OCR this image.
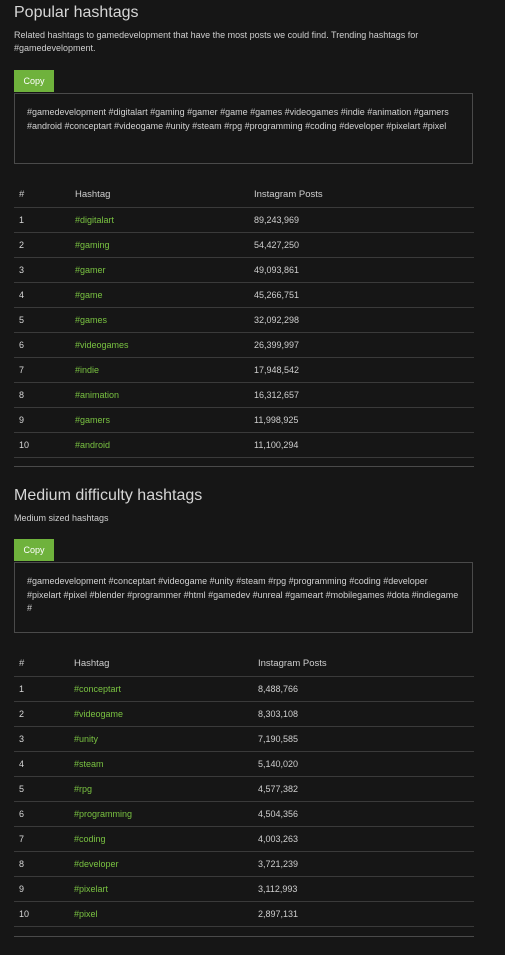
Popular hashtags
Related hashtags to gamedevelopment that have the most posts we could find. Trending hashtags for #gamedevelopment.
Copy
#gamedevelopment #digitalart #gaming #gamer #game #games #videogames #indie #animation #gamers #android #conceptart #videogame #unity #steam #rpg #programming #coding #developer #pixelart #pixel
#	Hashtag	Instagram Posts
1	#digitalart	89,243,969
2	#gaming	54,427,250
3	#gamer	49,093,861
4	#game	45,266,751
5	#games	32,092,298
6	#videogames	26,399,997
7	#indie	17,948,542
8	#animation	16,312,657
9	#gamers	11,998,925
10	#android	11,100,294
Medium difficulty hashtags
Medium sized hashtags
Copy
#gamedevelopment #conceptart #videogame #unity #steam #rpg #programming #coding #developer #pixelart #pixel #blender #programmer #html #gamedev #unreal #gameart #mobilegames #dota #indiegame #
#	Hashtag	Instagram Posts
1	#conceptart	8,488,766
2	#videogame	8,303,108
3	#unity	7,190,585
4	#steam	5,140,020
5	#rpg	4,577,382
6	#programming	4,504,356
7	#coding	4,003,263
8	#developer	3,721,239
9	#pixelart	3,112,993
10	#pixel	2,897,131
